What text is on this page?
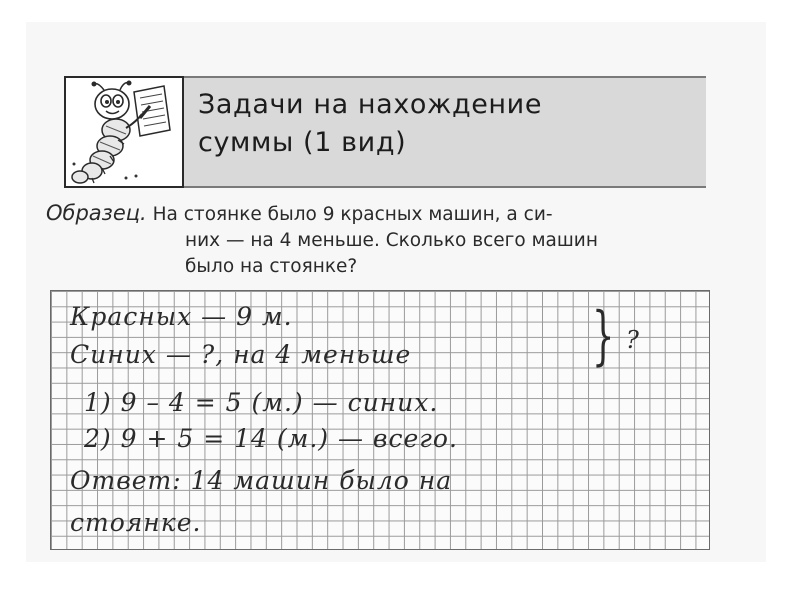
Задачи на нахождение
суммы (1 вид)
Образец. На стоянке было 9 красных машин, а си-
них — на 4 меньше. Сколько всего машин
было на стоянке?
Красных — 9 м.
Синих — ?, на 4 меньше	} ?
1) 9 – 4 = 5 (м.) — синих.
2) 9 + 5 = 14 (м.) — всего.
Ответ: 14 машин было на
стоянке.
